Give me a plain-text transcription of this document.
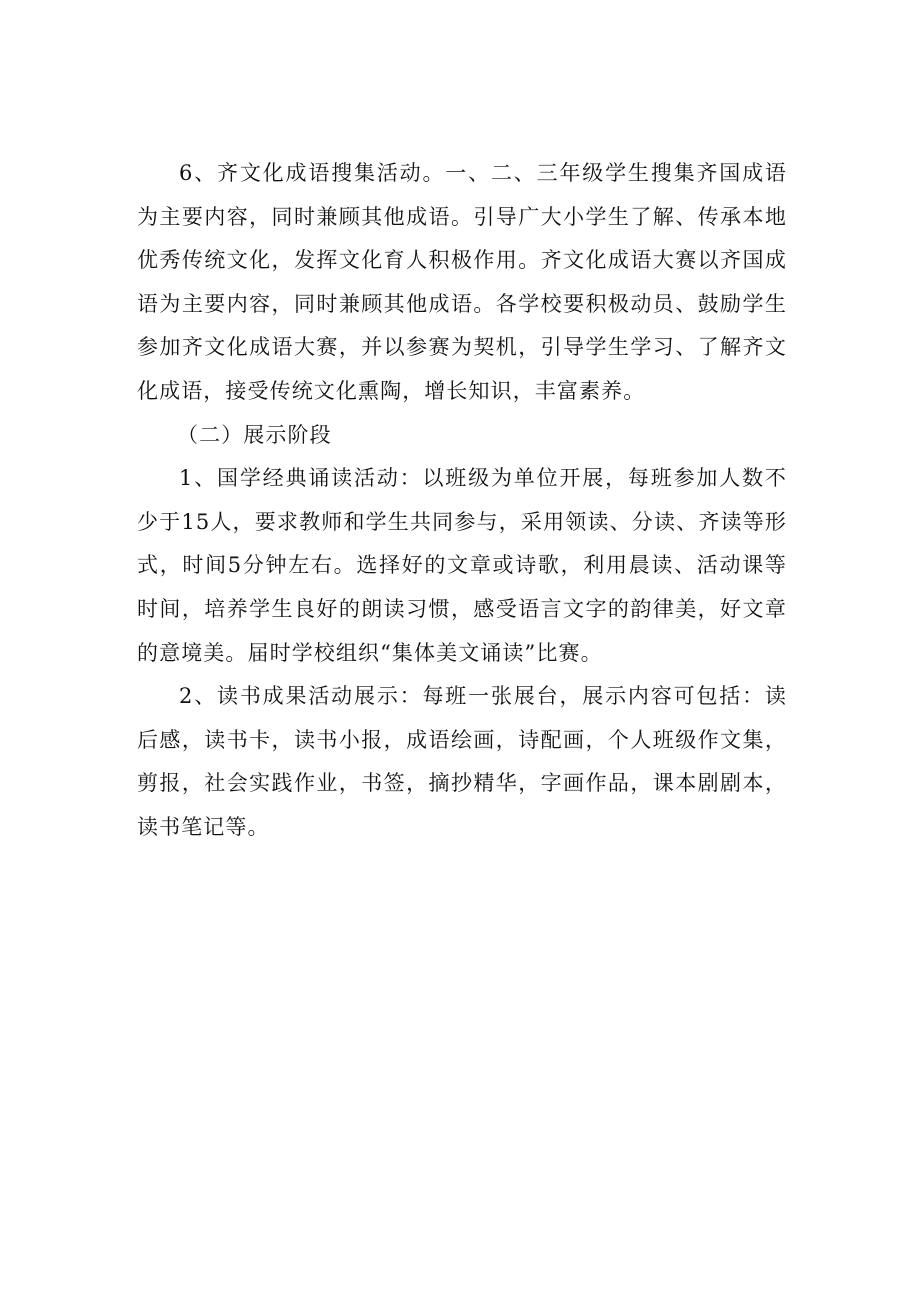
6、齐文化成语搜集活动。一、二、三年级学生搜集齐国成语为主要内容，同时兼顾其他成语。引导广大小学生了解、传承本地优秀传统文化，发挥文化育人积极作用。齐文化成语大赛以齐国成语为主要内容，同时兼顾其他成语。各学校要积极动员、鼓励学生参加齐文化成语大赛，并以参赛为契机，引导学生学习、了解齐文化成语，接受传统文化熏陶，增长知识，丰富素养。

（二）展示阶段

1、国学经典诵读活动：以班级为单位开展，每班参加人数不少于15人，要求教师和学生共同参与，采用领读、分读、齐读等形式，时间5分钟左右。选择好的文章或诗歌，利用晨读、活动课等时间，培养学生良好的朗读习惯，感受语言文字的韵律美，好文章的意境美。届时学校组织“集体美文诵读”比赛。

2、读书成果活动展示：每班一张展台，展示内容可包括：读后感，读书卡，读书小报，成语绘画，诗配画，个人班级作文集，剪报，社会实践作业，书签，摘抄精华，字画作品，课本剧剧本，读书笔记等。
